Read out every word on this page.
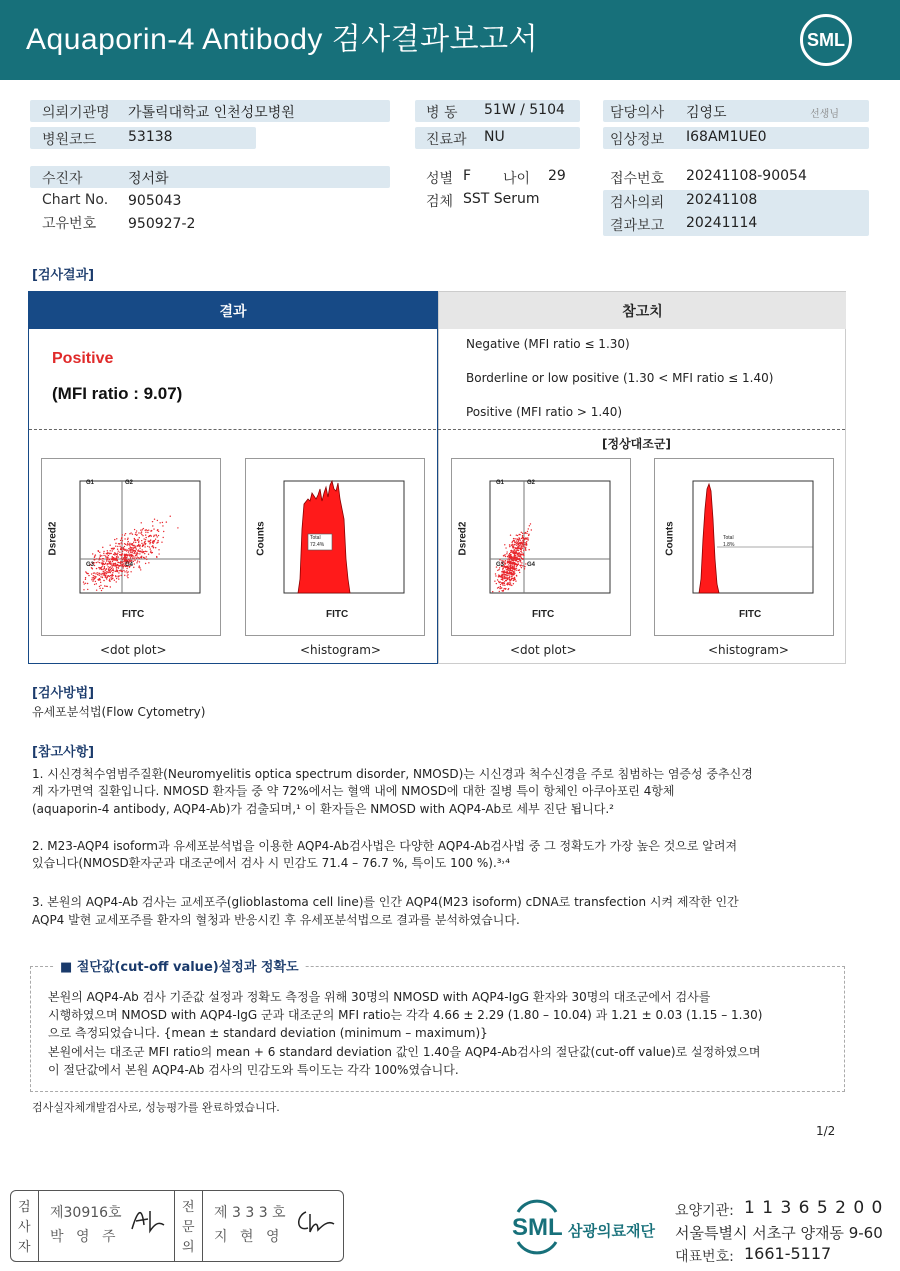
Aquaporin-4 Antibody 검사결과보고서	SML
의뢰기관명 가톨릭대학교 인천성모병원
병원코드 53138
병 동 51W / 5104
진료과 NU
담당의사 김영도	선생님
임상정보 I68AM1UE0
수진자	정서화
Chart No. 905043
고유번호 950927-2
성별 F 나이 29
검체 SST Serum
접수번호 20241108-90054
검사의뢰 20241108
결과보고 20241114
[검사결과]
결과	참고치
Positive
(MFI ratio : 9.07)
Negative (MFI ratio ≤ 1.30)
Borderline or low positive (1.30 < MFI ratio ≤ 1.40)
Positive (MFI ratio > 1.40)
[정상대조군]
G1	G2
G3	G4
FITC
Dsred2
<dot plot>
Total
72.4%
FITC
Counts
<histogram>
G1	G2
G3	G4
FITC
Dsred2
<dot plot>
Total
1.8%
FITC
Counts
<histogram>
[검사방법]
유세포분석법(Flow Cytometry)
[참고사항]
1. 시신경척수염범주질환(Neuromyelitis optica spectrum disorder, NMOSD)는 시신경과 척수신경을 주로 침범하는 염증성 중추신경
계 자가면역 질환입니다. NMOSD 환자들 중 약 72%에서는 혈액 내에 NMOSD에 대한 질병 특이 항체인 아쿠아포린 4항체
(aquaporin-4 antibody, AQP4-Ab)가 검출되며,¹ 이 환자들은 NMOSD with AQP4-Ab로 세부 진단 됩니다.²
2. M23-AQP4 isoform과 유세포분석법을 이용한 AQP4-Ab검사법은 다양한 AQP4-Ab검사법 중 그 정확도가 가장 높은 것으로 알려져
있습니다(NMOSD환자군과 대조군에서 검사 시 민감도 71.4 – 76.7 %, 특이도 100 %).³˒⁴
3. 본원의 AQP4-Ab 검사는 교세포주(glioblastoma cell line)를 인간 AQP4(M23 isoform) cDNA로 transfection 시켜 제작한 인간
AQP4 발현 교세포주를 환자의 혈청과 반응시킨 후 유세포분석법으로 결과를 분석하였습니다.
■ 절단값(cut-off value)설정과 정확도
본원의 AQP4-Ab 검사 기준값 설정과 정확도 측정을 위해 30명의 NMOSD with AQP4-IgG 환자와 30명의 대조군에서 검사를
시행하였으며 NMOSD with AQP4-IgG 군과 대조군의 MFI ratio는 각각 4.66 ± 2.29 (1.80 – 10.04) 과 1.21 ± 0.03 (1.15 – 1.30)
으로 측정되었습니다. {mean ± standard deviation (minimum – maximum)}
본원에서는 대조군 MFI ratio의 mean + 6 standard deviation 값인 1.40을 AQP4-Ab검사의 절단값(cut-off value)로 설정하였으며
이 절단값에서 본원 AQP4-Ab 검사의 민감도와 특이도는 각각 100%였습니다.
검사실자체개발검사로, 성능평가를 완료하였습니다.
1/2
검
사
자
제30916호
박 영 주
전
문
의
제 3 3 3 호
지 현 영	SML 삼광의료재단
요양기관: 1 1 3 6 5 2 0 0
서울특별시 서초구 양재동 9-60
대표번호: 1661-5117
